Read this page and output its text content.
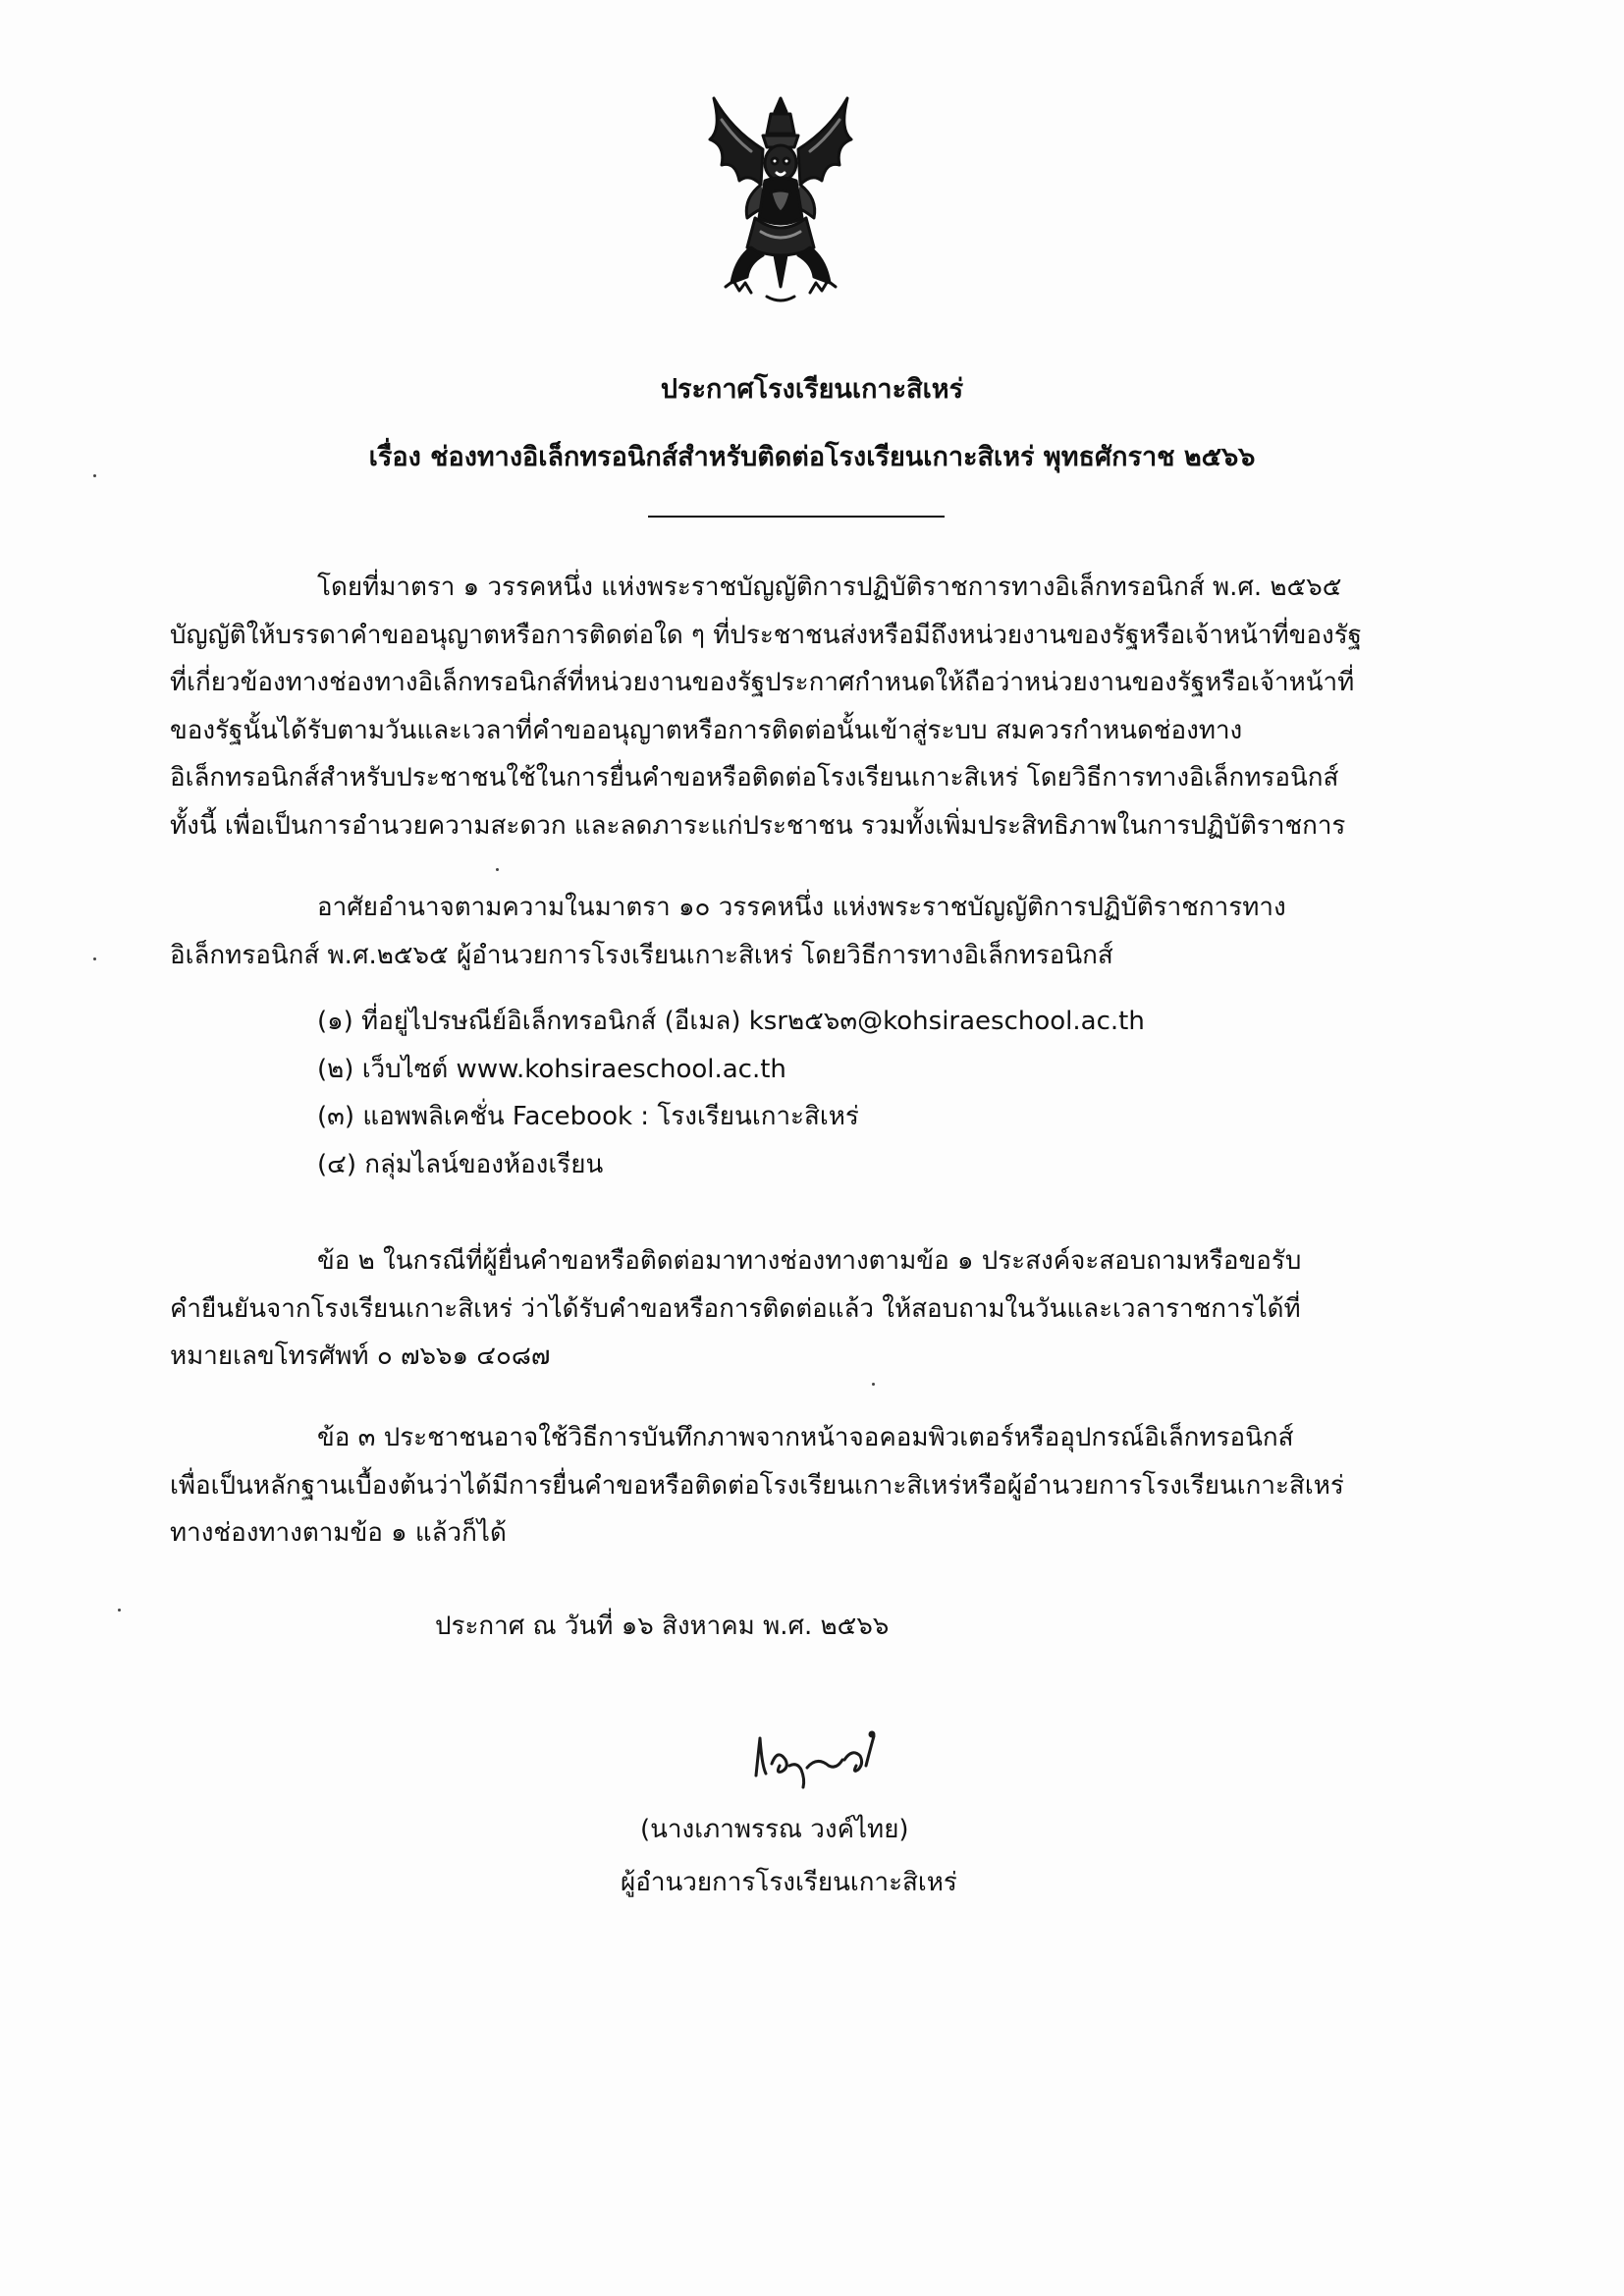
ประกาศโรงเรียนเกาะสิเหร่
เรื่อง ช่องทางอิเล็กทรอนิกส์สำหรับติดต่อโรงเรียนเกาะสิเหร่ พุทธศักราช ๒๕๖๖
โดยที่มาตรา ๑ วรรคหนึ่ง แห่งพระราชบัญญัติการปฏิบัติราชการทางอิเล็กทรอนิกส์ พ.ศ. ๒๕๖๕
บัญญัติให้บรรดาคำขออนุญาตหรือการติดต่อใด ๆ ที่ประชาชนส่งหรือมีถึงหน่วยงานของรัฐหรือเจ้าหน้าที่ของรัฐ
ที่เกี่ยวข้องทางช่องทางอิเล็กทรอนิกส์ที่หน่วยงานของรัฐประกาศกำหนดให้ถือว่าหน่วยงานของรัฐหรือเจ้าหน้าที่
ของรัฐนั้นได้รับตามวันและเวลาที่คำขออนุญาตหรือการติดต่อนั้นเข้าสู่ระบบ สมควรกำหนดช่องทาง
อิเล็กทรอนิกส์สำหรับประชาชนใช้ในการยื่นคำขอหรือติดต่อโรงเรียนเกาะสิเหร่ โดยวิธีการทางอิเล็กทรอนิกส์
ทั้งนี้ เพื่อเป็นการอำนวยความสะดวก และลดภาระแก่ประชาชน รวมทั้งเพิ่มประสิทธิภาพในการปฏิบัติราชการ
อาศัยอำนาจตามความในมาตรา ๑๐ วรรคหนึ่ง แห่งพระราชบัญญัติการปฏิบัติราชการทาง
อิเล็กทรอนิกส์ พ.ศ.๒๕๖๕ ผู้อำนวยการโรงเรียนเกาะสิเหร่ โดยวิธีการทางอิเล็กทรอนิกส์
(๑) ที่อยู่ไปรษณีย์อิเล็กทรอนิกส์ (อีเมล) ksr๒๕๖๓@kohsiraeschool.ac.th
(๒) เว็บไซต์ www.kohsiraeschool.ac.th
(๓) แอพพลิเคชั่น Facebook : โรงเรียนเกาะสิเหร่
(๔) กลุ่มไลน์ของห้องเรียน
ข้อ ๒ ในกรณีที่ผู้ยื่นคำขอหรือติดต่อมาทางช่องทางตามข้อ ๑ ประสงค์จะสอบถามหรือขอรับ
คำยืนยันจากโรงเรียนเกาะสิเหร่ ว่าได้รับคำขอหรือการติดต่อแล้ว ให้สอบถามในวันและเวลาราชการได้ที่
หมายเลขโทรศัพท์ ๐ ๗๖๖๑ ๔๐๘๗
ข้อ ๓ ประชาชนอาจใช้วิธีการบันทึกภาพจากหน้าจอคอมพิวเตอร์หรืออุปกรณ์อิเล็กทรอนิกส์
เพื่อเป็นหลักฐานเบื้องต้นว่าได้มีการยื่นคำขอหรือติดต่อโรงเรียนเกาะสิเหร่หรือผู้อำนวยการโรงเรียนเกาะสิเหร่
ทางช่องทางตามข้อ ๑ แล้วก็ได้
ประกาศ ณ วันที่ ๑๖ สิงหาคม พ.ศ. ๒๕๖๖
(นางเภาพรรณ วงค์ไทย)
ผู้อำนวยการโรงเรียนเกาะสิเหร่
